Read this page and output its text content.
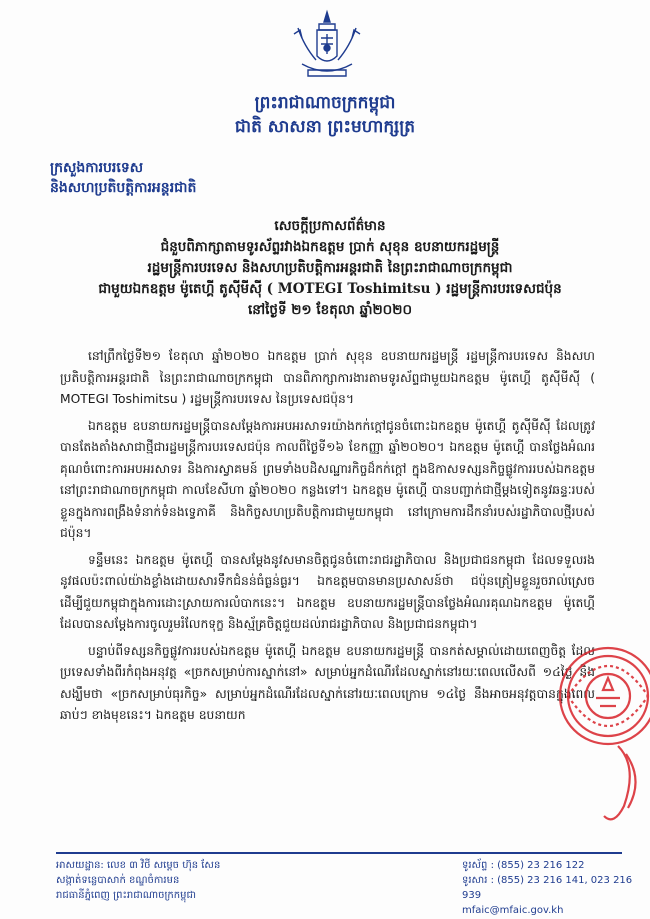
ព្រះរាជាណាចក្រកម្ពុជា
ជាតិ សាសនា ព្រះមហាក្សត្រ
ក្រសួងការបរទេស
និងសហប្រតិបត្តិការអន្តរជាតិ
សេចក្តីប្រកាសព័ត៌មាន
ជំនួបពិភាក្សាតាមទូរស័ព្ទរវាងឯកឧត្តម ប្រាក់ សុខុន ឧបនាយករដ្ឋមន្ត្រី
រដ្ឋមន្ត្រីការបរទេស និងសហប្រតិបត្តិការអន្តរជាតិ នៃព្រះរាជាណាចក្រកម្ពុជា
ជាមួយឯកឧត្តម ម៉ូតេហ្គី តូស៊ីមីស៊ី ( MOTEGI Toshimitsu ) រដ្ឋមន្ត្រីការបរទេសជប៉ុន
នៅថ្ងៃទី ២១ ខែតុលា ឆ្នាំ២០២០

នៅព្រឹកថ្ងៃទី២១ ខែតុលា ឆ្នាំ២០២០ ឯកឧត្តម ប្រាក់ សុខុន ឧបនាយករដ្ឋមន្ត្រី រដ្ឋមន្ត្រីការបរទេស និងសហប្រតិបត្តិការអន្តរជាតិ នៃព្រះរាជាណាចក្រកម្ពុជា បានពិភាក្សាការងារតាមទូរស័ព្ទជាមួយឯកឧត្តម ម៉ូតេហ្គី តូស៊ីមីស៊ី ( MOTEGI Toshimitsu ) រដ្ឋមន្ត្រីការបរទេស នៃប្រទេសជប៉ុន។

ឯកឧត្តម ឧបនាយករដ្ឋមន្ត្រីបានសម្តែងការអបអរសាទរយ៉ាងកក់ក្តៅជូនចំពោះឯកឧត្តម ម៉ូតេហ្គី តូស៊ីមីស៊ី ដែលត្រូវបានតែងតាំងសាជាថ្មីជារដ្ឋមន្ត្រីការបរទេសជប៉ុន កាលពីថ្ងៃទី១៦ ខែកញ្ញា ឆ្នាំ២០២០។ ឯកឧត្តម ម៉ូតេហ្គី បានថ្លែងអំណរគុណចំពោះការអបអរសាទរ និងការស្វាគមន៍ ព្រមទាំងបដិសណ្ឋារកិច្ចដ៏កក់ក្តៅ ក្នុងឱកាសទស្សនកិច្ចផ្លូវការរបស់ឯកឧត្តម នៅព្រះរាជាណាចក្រកម្ពុជា កាលខែសីហា ឆ្នាំ២០២០ កន្លងទៅ។ ឯកឧត្តម ម៉ូតេហ្គី បានបញ្ជាក់ជាថ្មីម្តងទៀតនូវឆន្ទៈរបស់ខ្លួនក្នុងការពង្រឹងទំនាក់ទំនងទ្វេភាគី និងកិច្ចសហប្រតិបត្តិការជាមួយកម្ពុជា នៅក្រោមការដឹកនាំរបស់រដ្ឋាភិបាលថ្មីរបស់ជប៉ុន។

ទន្ទឹមនេះ ឯកឧត្តម ម៉ូតេហ្គី បានសម្តែងនូវសមានចិត្តជូនចំពោះរាជរដ្ឋាភិបាល និងប្រជាជនកម្ពុជា ដែលទទួលរងនូវផលប៉ះពាល់យ៉ាងខ្លាំងដោយសារទឹកជំនន់ធំធ្ងន់ធ្ងរ។ ឯកឧត្តមបានមានប្រសាសន៍ថា ជប៉ុនត្រៀមខ្លួនរួចរាល់ស្រេច ដើម្បីជួយកម្ពុជាក្នុងការដោះស្រាយការលំបាកនេះ។ ឯកឧត្តម ឧបនាយករដ្ឋមន្ត្រីបានថ្លែងអំណរគុណឯកឧត្តម ម៉ូតេហ្គី ដែលបានសម្តែងការចូលរួមរំលែកទុក្ខ និងស្ម័គ្រចិត្តជួយដល់រាជរដ្ឋាភិបាល និងប្រជាជនកម្ពុជា។

បន្ទាប់ពីទស្សនកិច្ចផ្លូវការរបស់ឯកឧត្តម ម៉ូតេហ្គី ឯកឧត្តម ឧបនាយករដ្ឋមន្ត្រី បានកត់សម្គាល់ដោយពេញចិត្ត ដែលប្រទេសទាំងពីរកំពុងអនុវត្ត «ច្រកសម្រាប់ការស្នាក់នៅ» សម្រាប់អ្នកដំណើរដែលស្នាក់នៅរយៈពេលលើសពី ១៤ថ្ងៃ និងសង្ឃឹមថា «ច្រកសម្រាប់ធុរកិច្ច» សម្រាប់អ្នកដំណើរដែលស្នាក់នៅរយៈពេលក្រោម ១៤ថ្ងៃ នឹងអាចអនុវត្តបានក្នុងពេលឆាប់ៗ ខាងមុខនេះ។ ឯកឧត្តម ឧបនាយក

អាសយដ្ឋាន: លេខ ៣ វិថី សម្តេច ហ៊ុន សែន
សង្កាត់ទន្លេបាសាក់ ខណ្ឌចំការមន
រាជធានីភ្នំពេញ ព្រះរាជាណាចក្រកម្ពុជា
ទូរស័ព្ទ : (855) 23 216 122
ទូរសារ : (855) 23 216 141, 023 216 939
mfaic@mfaic.gov.kh
